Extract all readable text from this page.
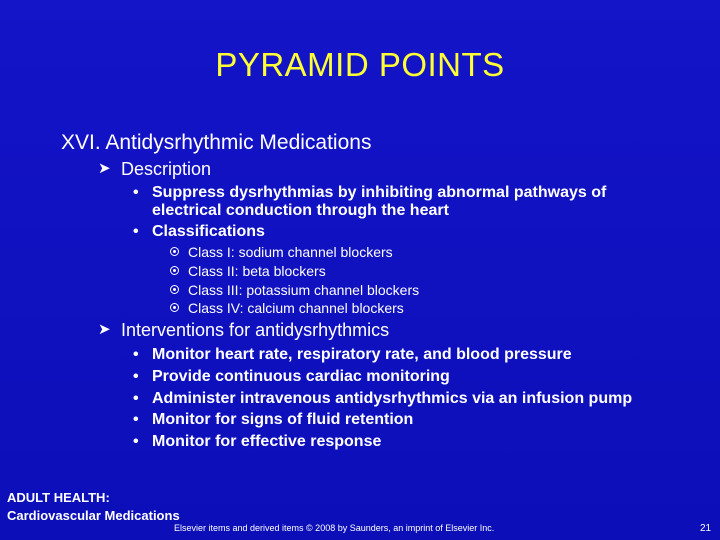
PYRAMID POINTS
XVI. Antidysrhythmic Medications
➤ Description
• Suppress dysrhythmias by inhibiting abnormal pathways of
electrical conduction through the heart
• Classifications
Class I: sodium channel blockers
Class II: beta blockers
Class III: potassium channel blockers
Class IV: calcium channel blockers
➤ Interventions for antidysrhythmics
• Monitor heart rate, respiratory rate, and blood pressure
• Provide continuous cardiac monitoring
• Administer intravenous antidysrhythmics via an infusion pump
• Monitor for signs of fluid retention
• Monitor for effective response
ADULT HEALTH:
Cardiovascular Medications
Elsevier items and derived items © 2008 by Saunders, an imprint of Elsevier Inc.	21
